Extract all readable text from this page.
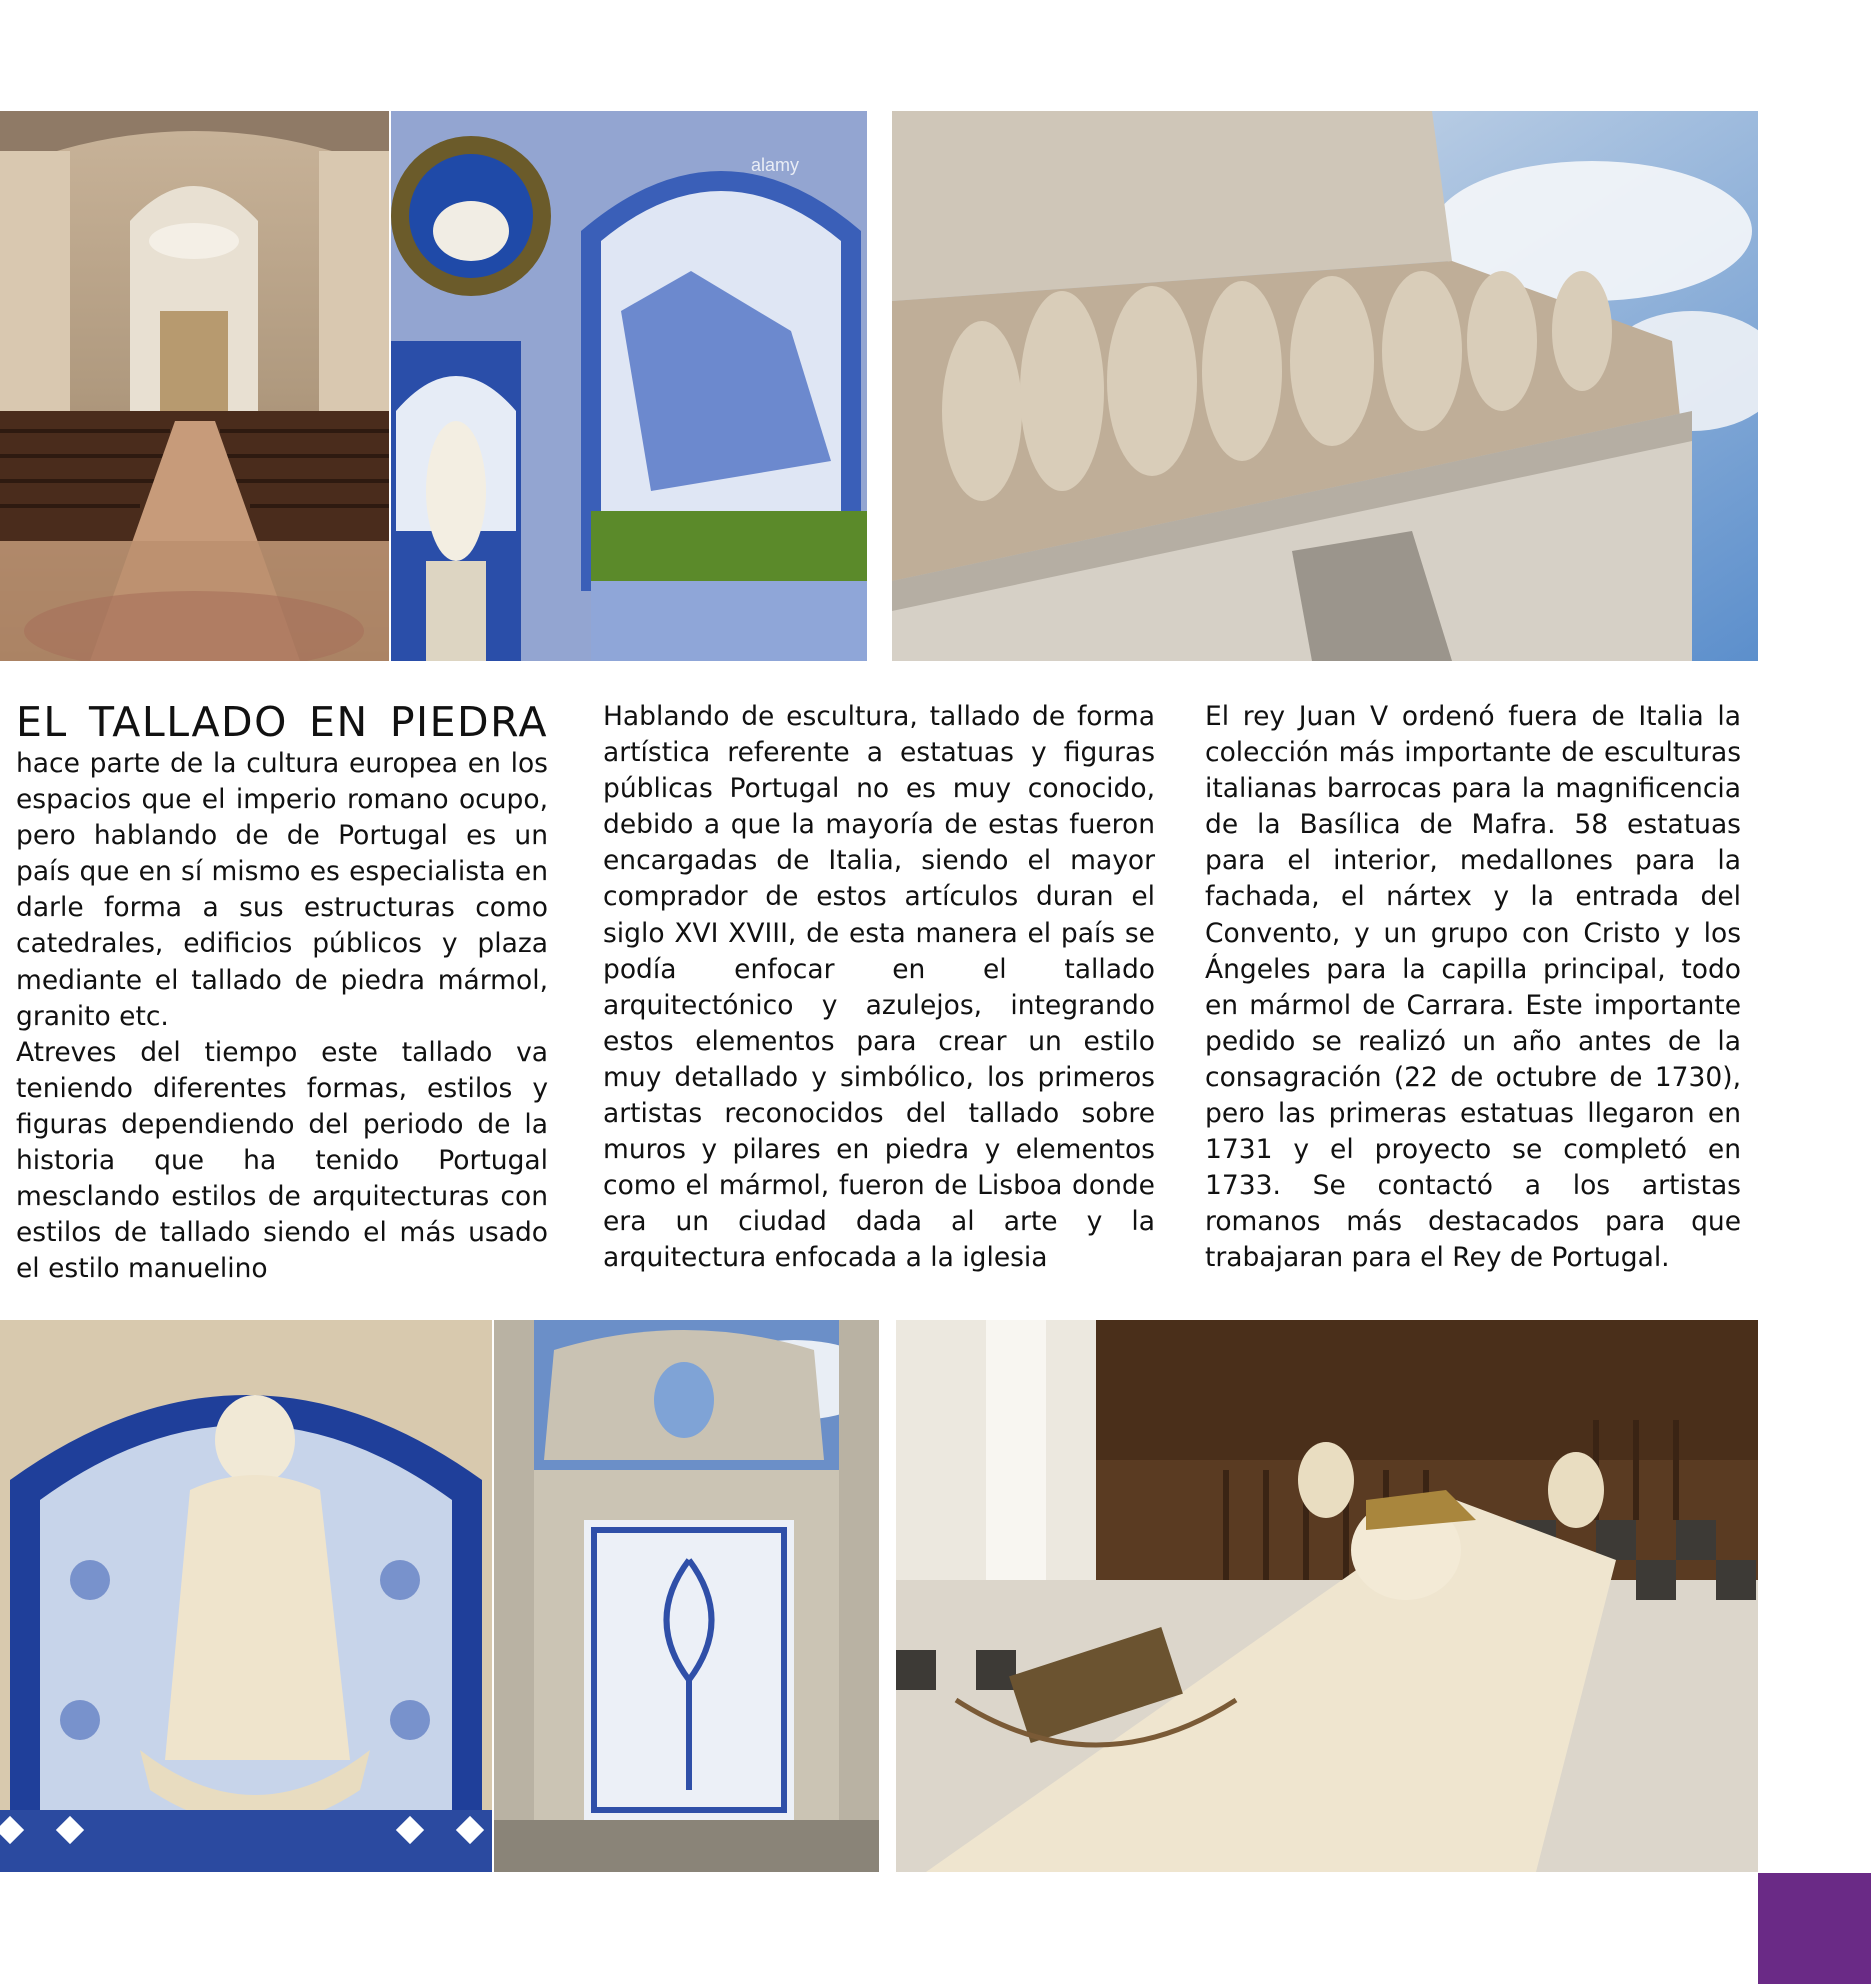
alamy
EL TALLADO EN PIEDRA

hace parte de la cultura europea en los espacios que el imperio romano ocupo, pero hablando de de Portugal es un país que en sí mismo es especialista en darle forma a sus estructuras como catedrales, edificios públicos y plaza mediante el tallado de piedra mármol, granito etc.

Atreves del tiempo este tallado va teniendo diferentes formas, estilos y figuras dependiendo del periodo de la historia que ha tenido Portugal mesclando estilos de arquitecturas con estilos de tallado siendo el más usado el estilo manuelino

Hablando de escultura, tallado de forma artística referente a estatuas y figuras públicas Portugal no es muy conocido, debido a que la mayoría de estas fueron encargadas de Italia, siendo el mayor comprador de estos artículos duran el siglo XVI XVIII, de esta manera el país se podía enfocar en el tallado arquitectónico y azulejos, integrando estos elementos para crear un estilo muy detallado y simbólico, los primeros artistas reconocidos del tallado sobre muros y pilares en piedra y elementos como el mármol, fueron de Lisboa donde era un ciudad dada al arte y la arquitectura enfocada a la iglesia

El rey Juan V ordenó fuera de Italia la colección más importante de esculturas italianas barrocas para la magnificencia de la Basílica de Mafra. 58 estatuas para el interior, medallones para la fachada, el nártex y la entrada del Convento, y un grupo con Cristo y los Ángeles para la capilla principal, todo en mármol de Carrara. Este importante pedido se realizó un año antes de la consagración (22 de octubre de 1730), pero las primeras estatuas llegaron en 1731 y el proyecto se completó en 1733. Se contactó a los artistas romanos más destacados para que trabajaran para el Rey de Portugal.
